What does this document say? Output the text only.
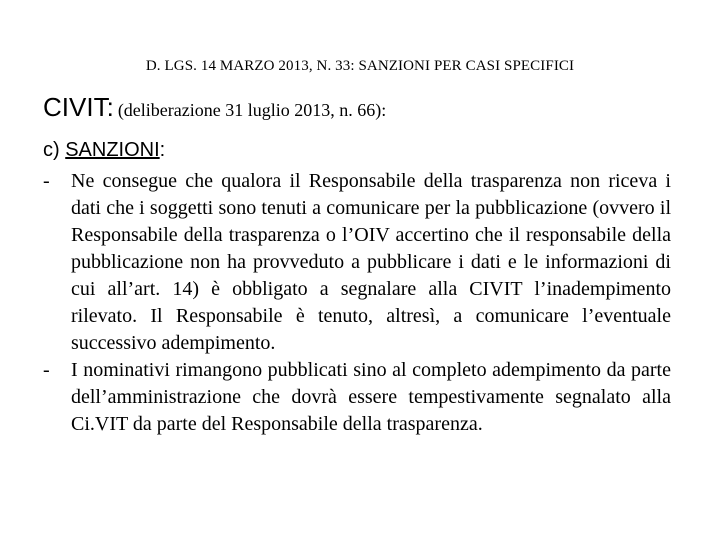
D. LGS. 14 MARZO 2013, N. 33: SANZIONI PER CASI SPECIFICI
CIVIT: (deliberazione 31 luglio 2013, n. 66):
c) SANZIONI:
- Ne consegue che qualora il Responsabile della trasparenza non riceva i dati che i soggetti sono tenuti a comunicare per la pubblicazione (ovvero il Responsabile della trasparenza o l’OIV accertino che il responsabile della pubblicazione non ha provveduto a pubblicare i dati e le informazioni di cui all’art. 14) è obbligato a segnalare alla CIVIT l’inadempimento rilevato. Il Responsabile è tenuto, altresì, a comunicare l’eventuale successivo adempimento.
- I nominativi rimangono pubblicati sino al completo adempimento da parte dell’amministrazione che dovrà essere tempestivamente segnalato alla Ci.VIT da parte del Responsabile della trasparenza.
